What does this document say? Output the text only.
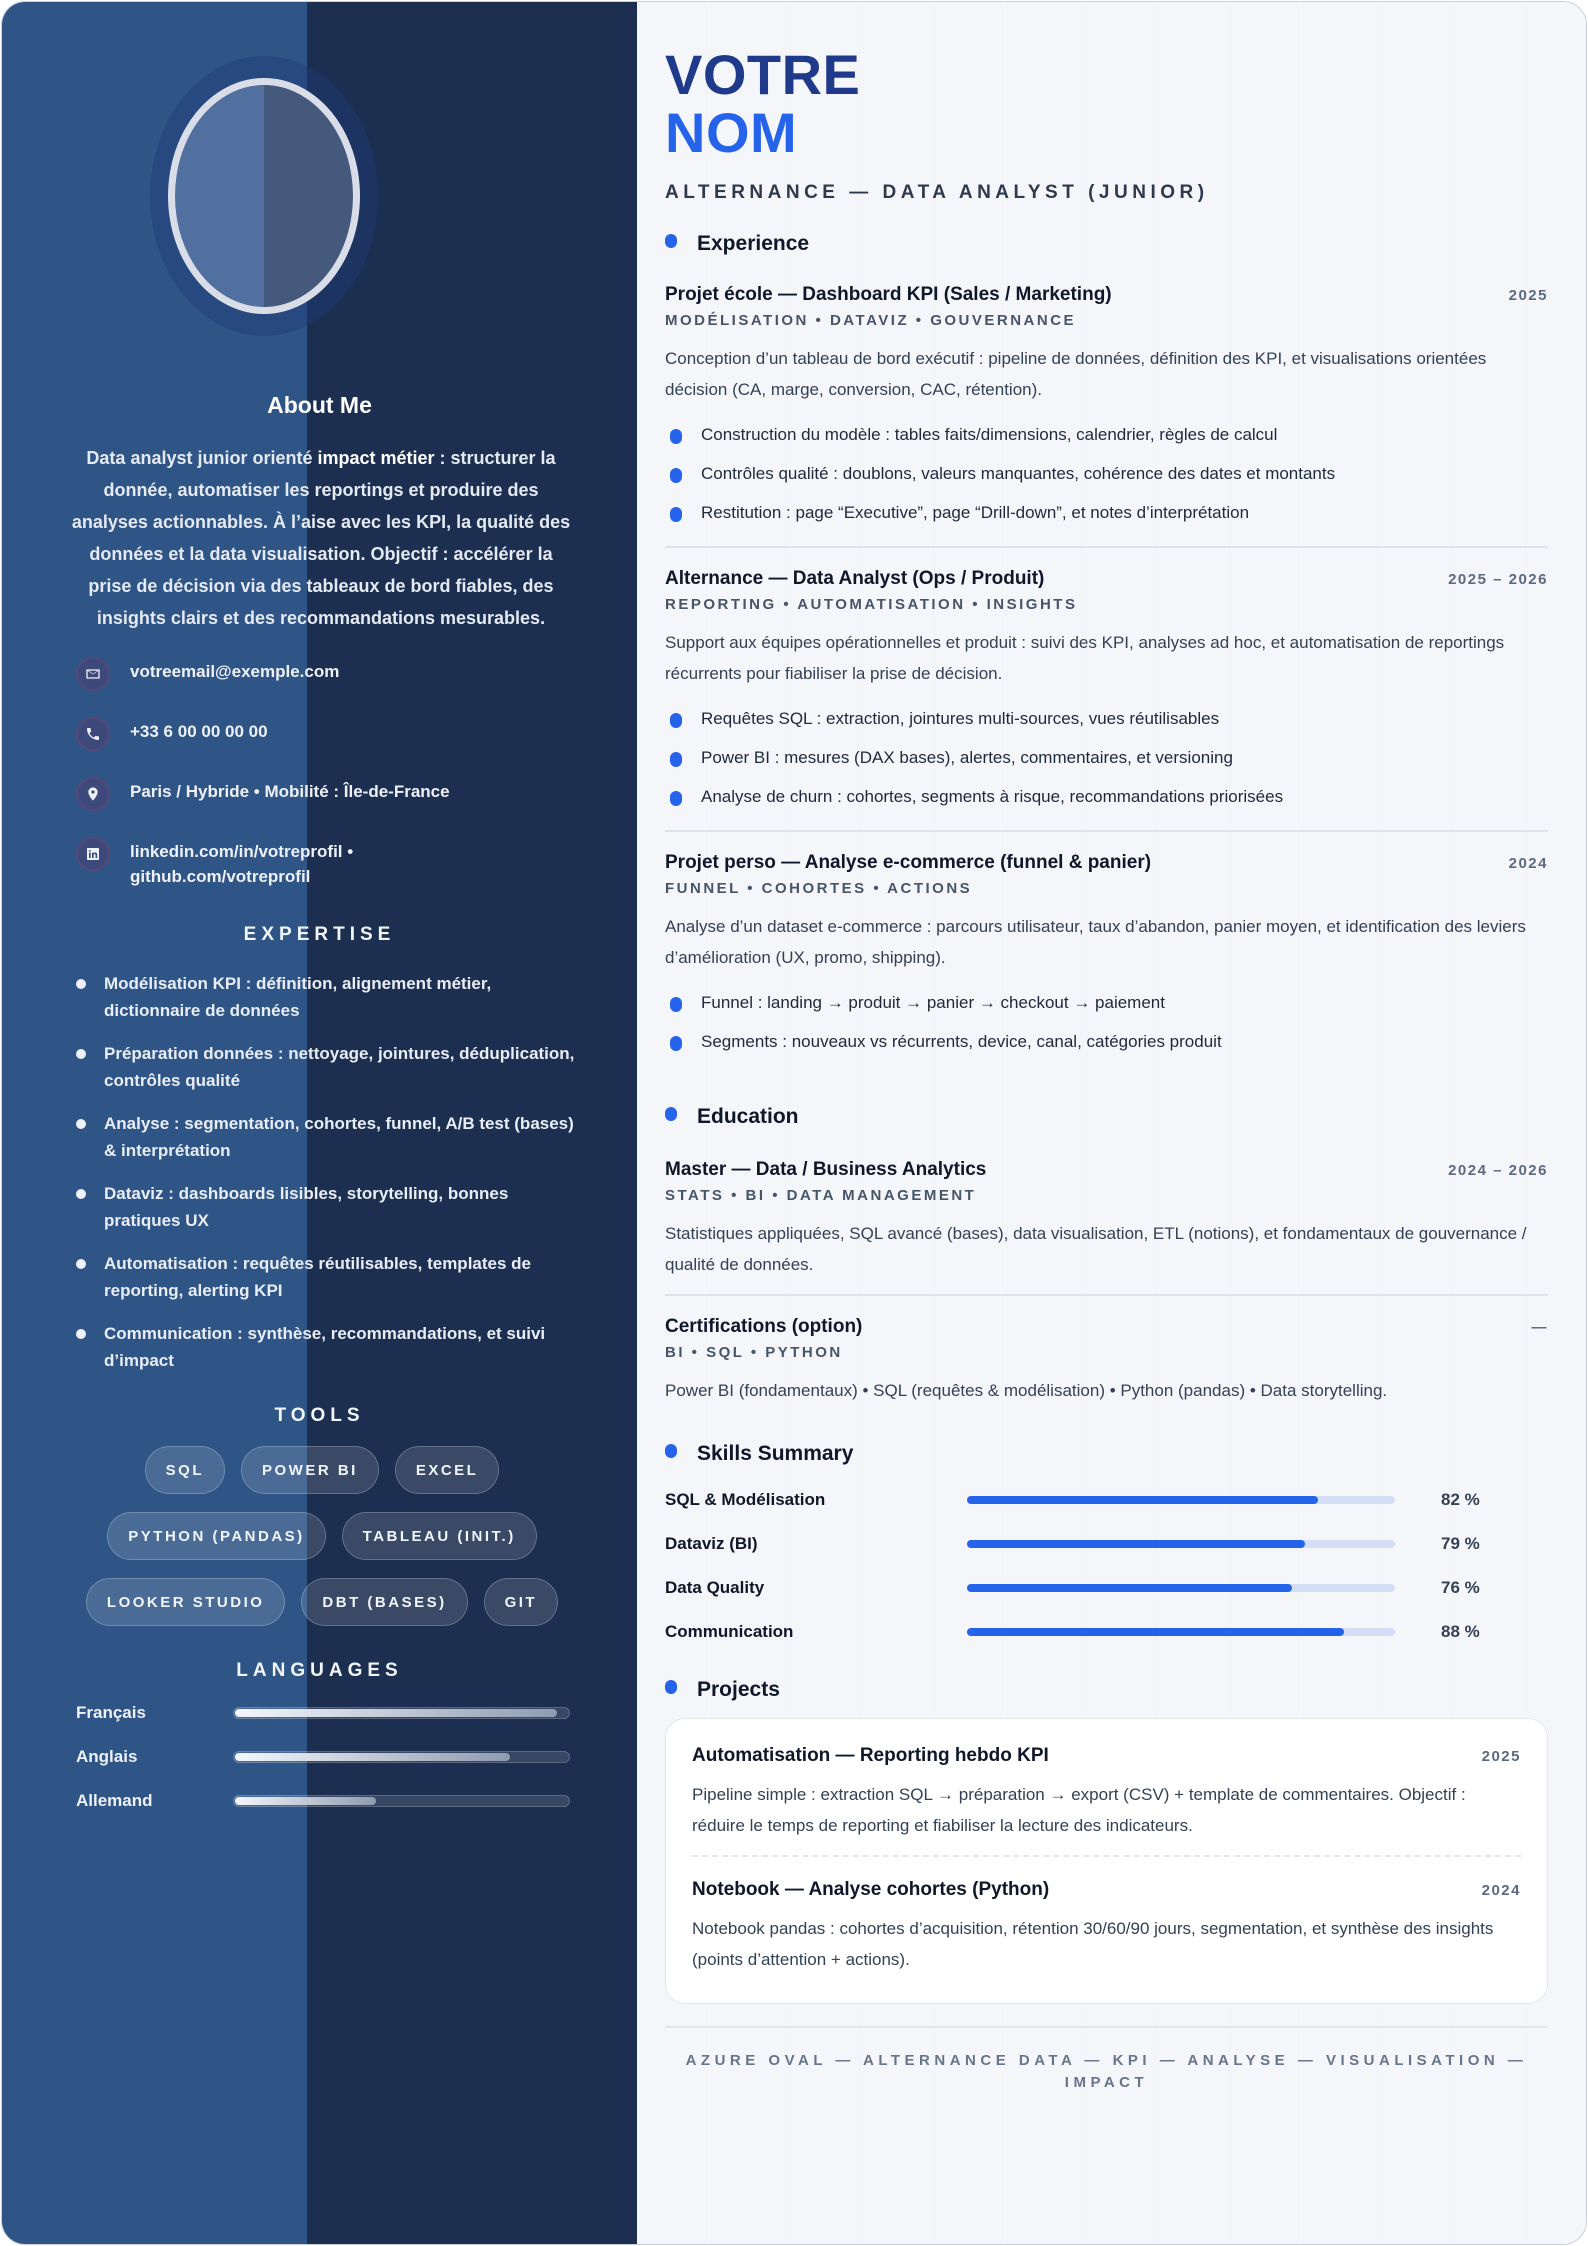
About Me

Data analyst junior orienté impact métier : structurer la donnée, automatiser les reportings et produire des analyses actionnables. À l’aise avec les KPI, la qualité des données et la data visualisation. Objectif : accélérer la prise de décision via des tableaux de bord fiables, des insights clairs et des recommandations mesurables.

votreemail@exemple.com
+33 6 00 00 00 00
Paris / Hybride • Mobilité : Île-de-France
linkedin.com/in/votreprofil • github.com/votreprofil
EXPERTISE
Modélisation KPI : définition, alignement métier, dictionnaire de données
Préparation données : nettoyage, jointures, déduplication, contrôles qualité
Analyse : segmentation, cohortes, funnel, A/B test (bases) & interprétation
Dataviz : dashboards lisibles, storytelling, bonnes pratiques UX
Automatisation : requêtes réutilisables, templates de reporting, alerting KPI
Communication : synthèse, recommandations, et suivi d’impact
TOOLS
SQL	POWER BI	EXCEL
PYTHON (PANDAS)	TABLEAU (INIT.)
LOOKER STUDIO	DBT (BASES)	GIT
LANGUAGES
Français
Anglais
Allemand
VOTRE
NOM
ALTERNANCE — DATA ANALYST (JUNIOR)
Experience
Projet école — Dashboard KPI (Sales / Marketing)	2025
MODÉLISATION • DATAVIZ • GOUVERNANCE

Conception d’un tableau de bord exécutif : pipeline de données, définition des KPI, et visualisations orientées décision (CA, marge, conversion, CAC, rétention).

Construction du modèle : tables faits/dimensions, calendrier, règles de calcul
Contrôles qualité : doublons, valeurs manquantes, cohérence des dates et montants
Restitution : page “Executive”, page “Drill-down”, et notes d’interprétation
Alternance — Data Analyst (Ops / Produit)	2025 – 2026
REPORTING • AUTOMATISATION • INSIGHTS

Support aux équipes opérationnelles et produit : suivi des KPI, analyses ad hoc, et automatisation de reportings récurrents pour fiabiliser la prise de décision.

Requêtes SQL : extraction, jointures multi-sources, vues réutilisables
Power BI : mesures (DAX bases), alertes, commentaires, et versioning
Analyse de churn : cohortes, segments à risque, recommandations priorisées
Projet perso — Analyse e-commerce (funnel & panier)	2024
FUNNEL • COHORTES • ACTIONS

Analyse d’un dataset e-commerce : parcours utilisateur, taux d’abandon, panier moyen, et identification des leviers d’amélioration (UX, promo, shipping).

Funnel : landing → produit → panier → checkout → paiement
Segments : nouveaux vs récurrents, device, canal, catégories produit
Education
Master — Data / Business Analytics	2024 – 2026
STATS • BI • DATA MANAGEMENT

Statistiques appliquées, SQL avancé (bases), data visualisation, ETL (notions), et fondamentaux de gouvernance / qualité de données.

Certifications (option)	—
BI • SQL • PYTHON

Power BI (fondamentaux) • SQL (requêtes & modélisation) • Python (pandas) • Data storytelling.

Skills Summary
SQL & Modélisation	82 %
Dataviz (BI)	79 %
Data Quality	76 %
Communication	88 %
Projects
Automatisation — Reporting hebdo KPI	2025

Pipeline simple : extraction SQL → préparation → export (CSV) + template de commentaires. Objectif : réduire le temps de reporting et fiabiliser la lecture des indicateurs.

Notebook — Analyse cohortes (Python)	2024

Notebook pandas : cohortes d’acquisition, rétention 30/60/90 jours, segmentation, et synthèse des insights (points d’attention + actions).

AZURE OVAL — ALTERNANCE DATA — KPI — ANALYSE — VISUALISATION — IMPACT
